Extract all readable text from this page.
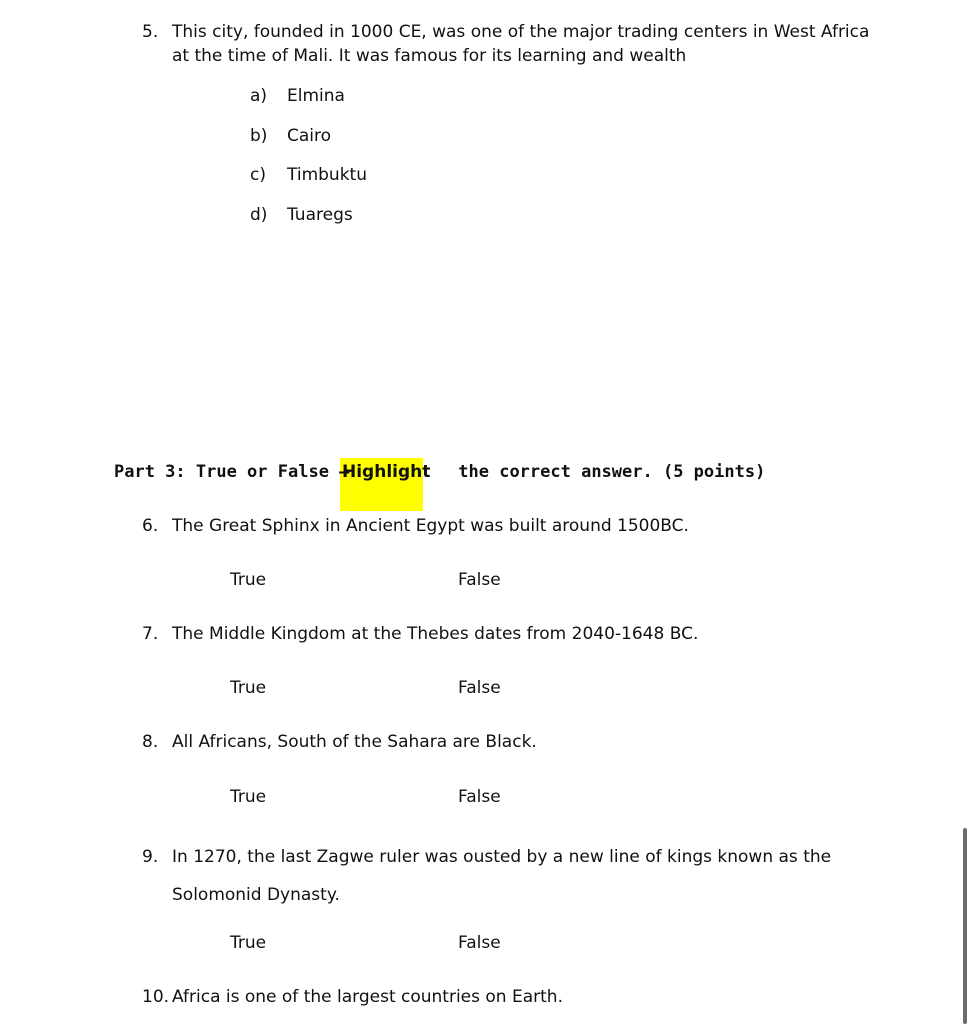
5. This city, founded in 1000 CE, was one of the major trading centers in West Africa
at the time of Mali. It was famous for its learning and wealth
a) Elmina
b) Cairo
c) Timbuktu
d) Tuaregs
Part 3: True or False –	the correct answer. (5 points)
Highlight
6. The Great Sphinx in Ancient Egypt was built around 1500BC.
True	False
7. The Middle Kingdom at the Thebes dates from 2040-1648 BC.
True	False
8. All Africans, South of the Sahara are Black.
True	False
9. In 1270, the last Zagwe ruler was ousted by a new line of kings known as the
Solomonid Dynasty.
True	False
10. Africa is one of the largest countries on Earth.
